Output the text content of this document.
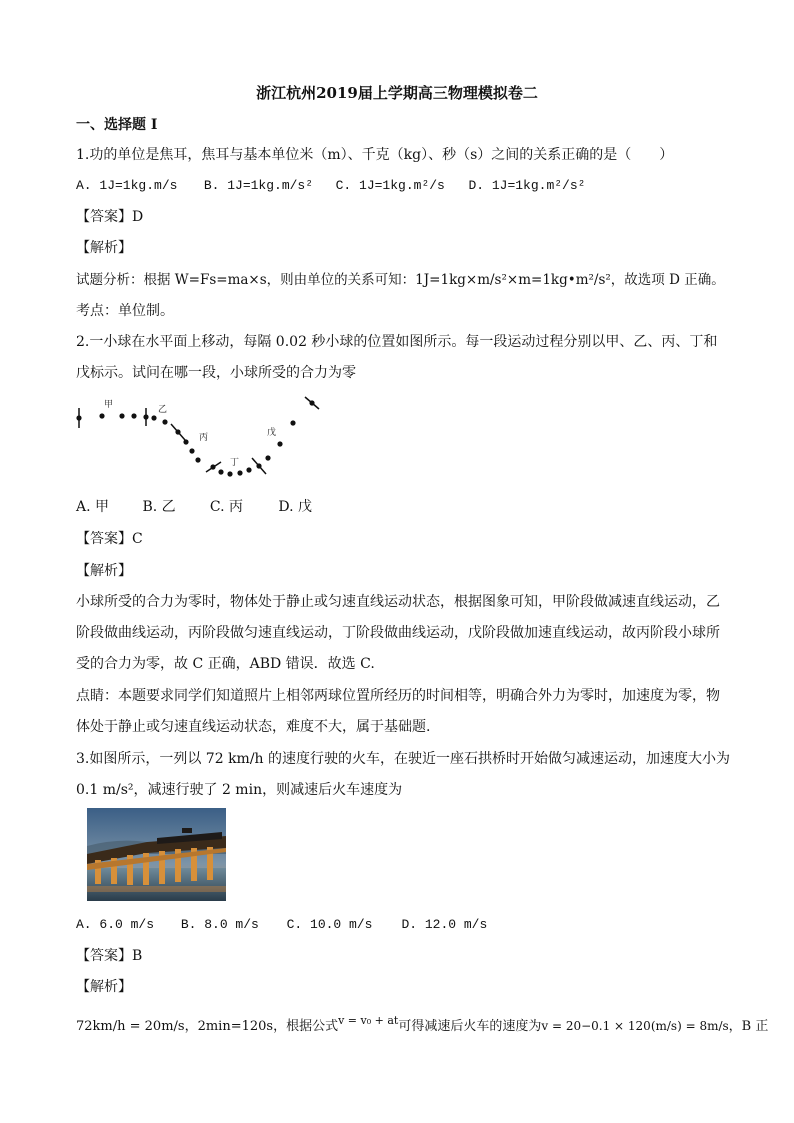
浙江杭州2019届上学期高三物理模拟卷二
一、选择题 I
1.功的单位是焦耳，焦耳与基本单位米（m）、千克（kg）、秒（s）之间的关系正确的是（　　）
A. 1J=1kg.m/s B. 1J=1kg.m/s² C. 1J=1kg.m²/s D. 1J=1kg.m²/s²
【答案】D
【解析】
试题分析：根据 W=Fs=ma×s，则由单位的关系可知：1J=1kg×m/s²×m=1kg•m²/s²，故选项 D 正确。
考点：单位制。
2.一小球在水平面上移动，每隔 0.02 秒小球的位置如图所示。每一段运动过程分别以甲、乙、丙、丁和
戊标示。试问在哪一段，小球所受的合力为零
甲	乙
丙
丁
戊
A. 甲 B. 乙 C. 丙	D. 戊
【答案】C
【解析】
小球所受的合力为零时，物体处于静止或匀速直线运动状态，根据图象可知，甲阶段做减速直线运动，乙
阶段做曲线运动，丙阶段做匀速直线运动，丁阶段做曲线运动，戊阶段做加速直线运动，故丙阶段小球所
受的合力为零，故 C 正确，ABD 错误．故选 C.
点睛：本题要求同学们知道照片上相邻两球位置所经历的时间相等，明确合外力为零时，加速度为零，物
体处于静止或匀速直线运动状态，难度不大，属于基础题.
3.如图所示，一列以 72 km/h 的速度行驶的火车，在驶近一座石拱桥时开始做匀减速运动，加速度大小为
0.1 m/s²，减速行驶了 2 min，则减速后火车速度为
A. 6.0 m/s B. 8.0 m/s C. 10.0 m/s D. 12.0 m/s
【答案】B
【解析】
72km/h = 20m/s，2min=120s，根据公式$^{v = v_0 + at}$可得减速后火车的速度为v = 20−0.1 × 120(m/s) = 8m/s，B 正
